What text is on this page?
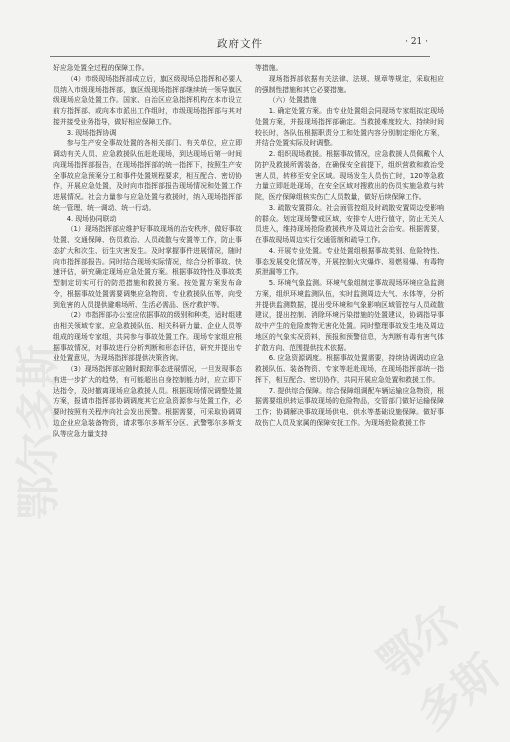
政府文件	· 21 ·

好应急处置全过程的保障工作。

（4）市级现场指挥部成立后，旗区级现场总指挥和必要人员纳入市级现场指挥部，旗区级现场指挥部继续统一领导旗区级现场应急处置工作。国家、自治区应急指挥机构在本市设立前方指挥部、或向本市派出工作组时，市级现场指挥部与其对接并接受业务指导，做好相应保障工作。

3. 现场指挥协调

参与生产安全事故处置的各相关部门、有关单位，应立即调动有关人员、应急救援队伍赶赴现场，到达现场后第一时间向现场指挥部报告，在现场指挥部的统一指挥下，按照生产安全事故应急预案分工和事件处置规程要求，相互配合、密切协作，开展应急处置，及时向市指挥部报告现场情况和处置工作进展情况。社会力量参与应急处置与救援时，纳入现场指挥部统一管理、统一调动、统一行动。

4. 现场协同联动

（1）现场指挥部应维护好事故现场的治安秩序，做好事故处置、交通保障、伤员救治、人员疏散与安置等工作，防止事态扩大和次生、衍生灾害发生。及时掌握事件进展情况，随时向市指挥部报告。同时结合现场实际情况，综合分析事故、快速评估，研究确定现场应急处置方案。根据事故特性及事故类型制定切实可行的防范措施和救援方案。按处置方案发布命令，根据事故处置需要调集应急物资、专业救援队伍等，向受到危害的人员提供避难场所、生活必需品、医疗救护等。

（2）市指挥部办公室应依据事故的级别和种类，适时组建由相关领域专家、应急救援队伍、相关科研力量、企业人员等组成的现场专家组，共同参与事故处置工作。现场专家组应根据事故情况，对事故进行分析判断和形态评估，研究并提出专业处置意见，为现场指挥部提供决策咨询。

（3）现场指挥部应随时跟踪事态进展情况，一旦发现事态有进一步扩大的趋势，有可能超出自身控制能力时，应立即下达指令，及时撤离现场应急救援人员。根据现场情况调整处置方案，报请市指挥部协调调度其它应急资源参与处置工作，必要时按照有关程序向社会发出预警。根据需要，可采取协调周边企业应急装备物资，请求鄂尔多斯军分区、武警鄂尔多斯支队等应急力量支持

等措施。

现场指挥部依据有关法律、法规、规章等规定，采取相应的强制性措施和其它必要措施。

（六）处置措施

1. 确定处置方案。由专业处置组会同现场专家组拟定现场处置方案，并报现场指挥部确定。当救援难度较大、持续时间较长时，各队伍根据职责分工和处置内容分别制定细化方案，并结合处置实际及时调整。

2. 组织现场救援。根据事故情况，应急救援人员佩戴个人防护及救援所需装备，在确保安全前提下，组织营救和救治受害人员，转移至安全区域。现场发生人员伤亡时，120等急救力量立即赶赴现场，在安全区域对搜救出的伤员实施急救与转院，医疗保障组核实伤亡人员数量，做好后续保障工作。

3. 疏散安置群众。社会面管控组及时疏散安置周边受影响的群众。划定现场警戒区域，安排专人进行值守，防止无关人员进入，维持现场抢险救援秩序及周边社会治安。根据需要，在事故现场周边实行交通管制和疏导工作。

4. 开展专业处置。专业处置组根据事故类别、危险特性、事态发展变化情况等，开展控制火灾爆炸、易燃易爆、有毒物质泄漏等工作。

5. 环境气象监测。环境气象组制定事故现场环境应急监测方案，组织环境监测队伍，实时监测周边大气、水体等，分析并提供监测数据，提出受环境和气象影响区域管控与人员疏散建议，提出控制、消除环境污染措施的处置建议，协调指导事故中产生的危险废物无害化处置。同时整理事故发生地及周边地区的气象实况资料，预报和预警信息，为判断有毒有害气体扩散方向、范围提供技术依据。

6. 应急资源调度。根据事故处置需要，持续协调调动应急救援队伍、装备物资、专家等赶赴现场，在现场指挥部统一指挥下，相互配合、密切协作，共同开展应急处置和救援工作。

7. 提供综合保障。综合保障组调配车辆运输应急物资，根据需要组织转运事故现场的危险物品，交管部门做好运输保障工作；协调解决事故现场供电、供水等基础设施保障。做好事故伤亡人员及家属的保障安抚工作。为现场抢险救援工作

鄂尔多斯
鄂尔多斯
